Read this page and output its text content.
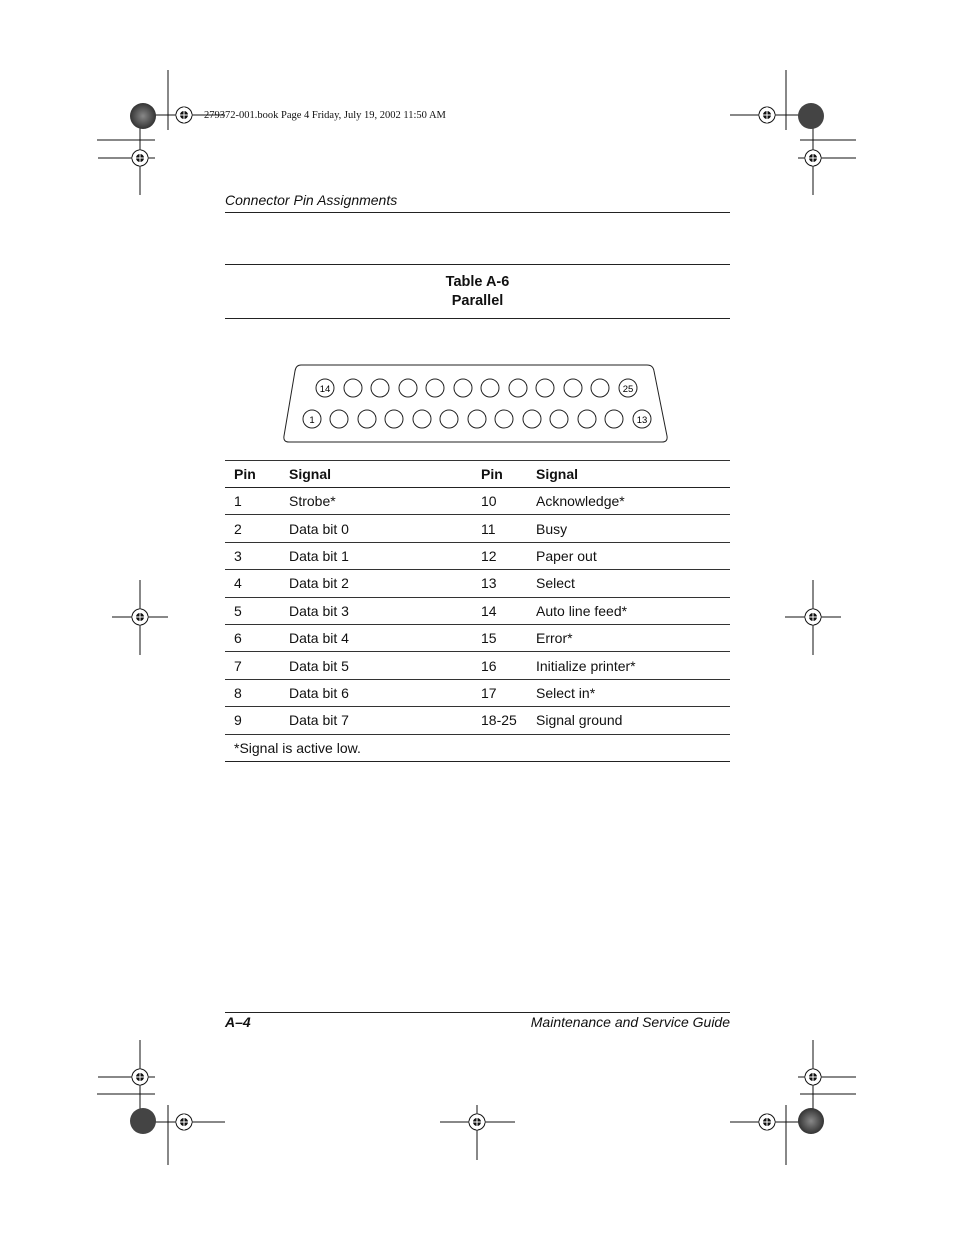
279372-001.book Page 4 Friday, July 19, 2002 11:50 AM
Connector Pin Assignments
Table A-6
Parallel
14	25
1	13
Pin	Signal	Pin	Signal
1	Strobe*	10	Acknowledge*
2	Data bit 0	11	Busy
3	Data bit 1	12	Paper out
4	Data bit 2	13	Select
5	Data bit 3	14	Auto line feed*
6	Data bit 4	15	Error*
7	Data bit 5	16	Initialize printer*
8	Data bit 6	17	Select in*
9	Data bit 7	18-25	Signal ground
*Signal is active low.			
A–4	Maintenance and Service Guide
